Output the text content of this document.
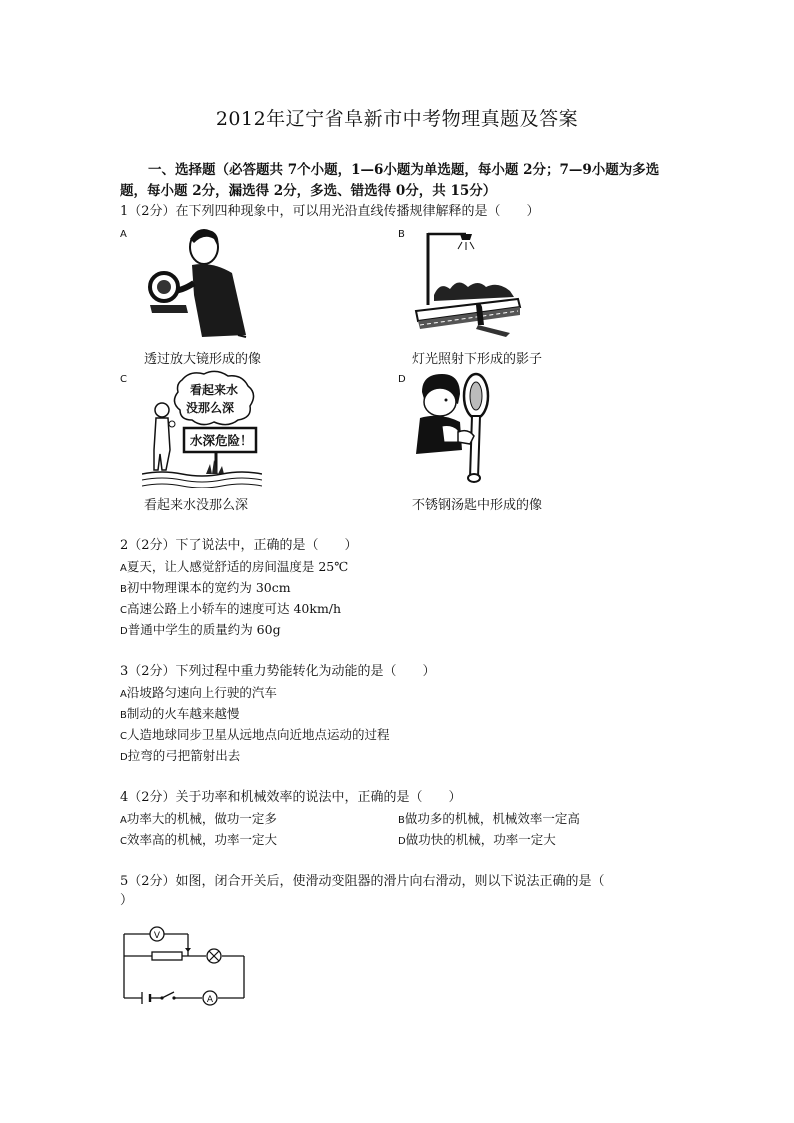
2012年辽宁省阜新市中考物理真题及答案
一、选择题（必答题共 7个小题，1—6小题为单选题，每小题 2分；7—9小题为多选题，每小题 2分，漏选得 2分，多选、错选得 0分，共 15分）
1（2分）在下列四种现象中，可以用光沿直线传播规律解释的是（　　）
A
透过放大镜形成的像
B
灯光照射下形成的影子
C
看起来水
没那么深
水深危险！
看起来水没那么深
D
不锈钢汤匙中形成的像
2（2分）下了说法中，正确的是（　　）
A夏天，让人感觉舒适的房间温度是 25℃
B初中物理课本的宽约为 30cm
C高速公路上小轿车的速度可达 40km/h
D普通中学生的质量约为 60g
3（2分）下列过程中重力势能转化为动能的是（　　）
A沿坡路匀速向上行驶的汽车
B制动的火车越来越慢
C人造地球同步卫星从远地点向近地点运动的过程
D拉弯的弓把箭射出去
4（2分）关于功率和机械效率的说法中，正确的是（　　）
A功率大的机械，做功一定多	B做功多的机械，机械效率一定高
C效率高的机械，功率一定大	D做功快的机械，功率一定大
5（2分）如图，闭合开关后，使滑动变阻器的滑片向右滑动，则以下说法正确的是（
）
V
A
